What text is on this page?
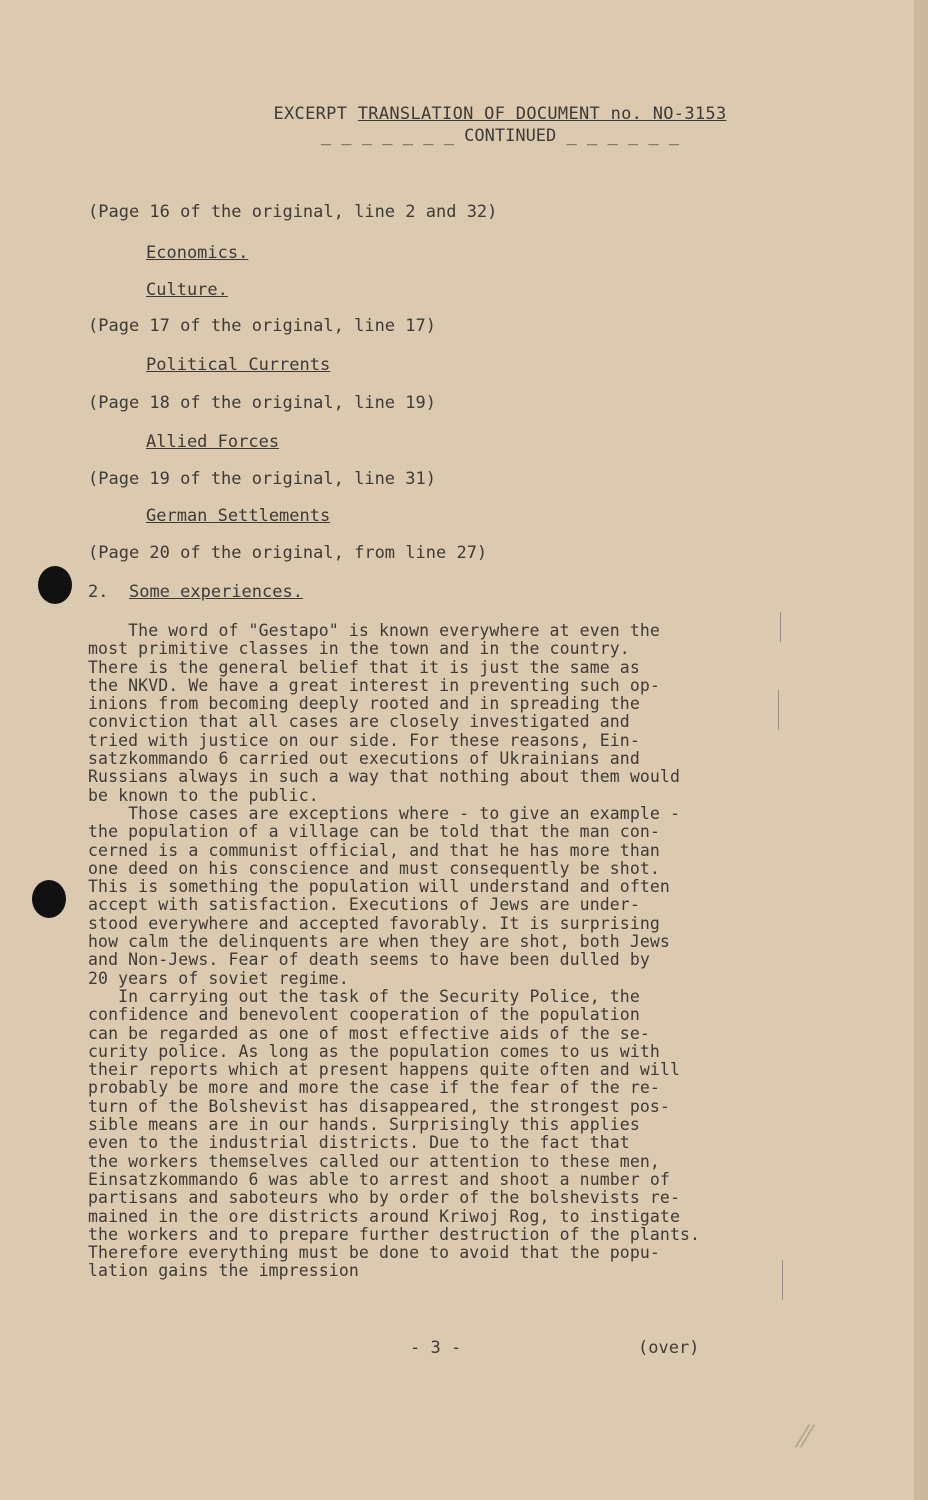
EXCERPT TRANSLATION OF DOCUMENT no. NO-3153
_ _ _ _ _ _ _ CONTINUED _ _ _ _ _ _
(Page 16 of the original, line 2 and 32)
Economics.
Culture.
(Page 17 of the original, line 17)
Political Currents
(Page 18 of the original, line 19)
Allied Forces
(Page 19 of the original, line 31)
German Settlements
(Page 20 of the original, from line 27)
2. Some experiences.
The word of "Gestapo" is known everywhere at even the
most primitive classes in the town and in the country.
There is the general belief that it is just the same as
the NKVD. We have a great interest in preventing such op-
inions from becoming deeply rooted and in spreading the
conviction that all cases are closely investigated and
tried with justice on our side. For these reasons, Ein-
satzkommando 6 carried out executions of Ukrainians and
Russians always in such a way that nothing about them would
be known to the public.
Those cases are exceptions where - to give an example -
the population of a village can be told that the man con-
cerned is a communist official, and that he has more than
one deed on his conscience and must consequently be shot.
This is something the population will understand and often
accept with satisfaction. Executions of Jews are under-
stood everywhere and accepted favorably. It is surprising
how calm the delinquents are when they are shot, both Jews
and Non-Jews. Fear of death seems to have been dulled by
20 years of soviet regime.
In carrying out the task of the Security Police, the
confidence and benevolent cooperation of the population
can be regarded as one of most effective aids of the se-
curity police. As long as the population comes to us with
their reports which at present happens quite often and will
probably be more and more the case if the fear of the re-
turn of the Bolshevist has disappeared, the strongest pos-
sible means are in our hands. Surprisingly this applies
even to the industrial districts. Due to the fact that
the workers themselves called our attention to these men,
Einsatzkommando 6 was able to arrest and shoot a number of
partisans and saboteurs who by order of the bolshevists re-
mained in the ore districts around Kriwoj Rog, to instigate
the workers and to prepare further destruction of the plants.
Therefore everything must be done to avoid that the popu-
lation gains the impression
- 3 -	(over)
⁄⁄
